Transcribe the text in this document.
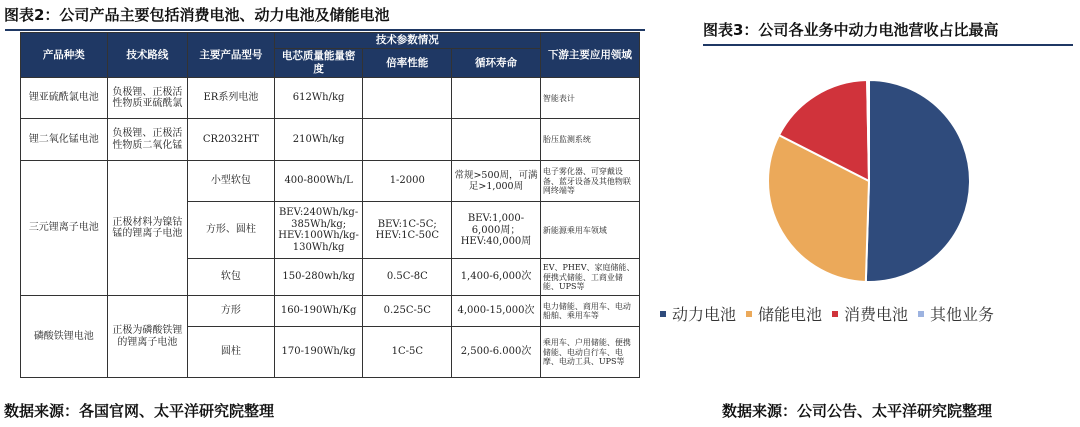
图表2：公司产品主要包括消费电池、动力电池及储能电池
产品种类	技术路线	主要产品型号	技术参数情况			下游主要应用领域
			电芯质量能量密度	倍率性能	循环寿命	
锂亚硫酰氯电池	负极锂、正极活性物质亚硫酰氯	ER系列电池	612Wh/kg			智能表计
锂二氧化锰电池	负极锂、正极活性物质二氧化锰	CR2032HT	210Wh/kg			胎压监测系统
三元锂离子电池	正极材料为镍钴锰的锂离子电池	小型软包	400-800Wh/L	1-2000	常规>500周，可满足>1,000周	电子雾化器、可穿戴设备、蓝牙设备及其他物联网终端等
		方形、圆柱	BEV:240Wh/kg-385Wh/kg; HEV:100Wh/kg-130Wh/kg	BEV:1C-5C; HEV:1C-50C	BEV:1,000-6,000周；HEV:40,000周	新能源乘用车领域
		软包	150-280wh/kg	0.5C-8C	1,400-6,000次	EV、PHEV、家庭储能、便携式储能、工商业储能、UPS等
磷酸铁锂电池	正极为磷酸铁锂的锂离子电池	方形	160-190Wh/Kg	0.25C-5C	4,000-15,000次	电力储能、商用车、电动船舶、乘用车等
		圆柱	170-190Wh/kg	1C-5C	2,500-6.000次	乘用车、户用储能、便携储能、电动自行车、电摩、电动工具、UPS等
图表3：公司各业务中动力电池营收占比最高
动力电池 储能电池 消费电池 其他业务
数据来源：各国官网、太平洋研究院整理	数据来源：公司公告、太平洋研究院整理
